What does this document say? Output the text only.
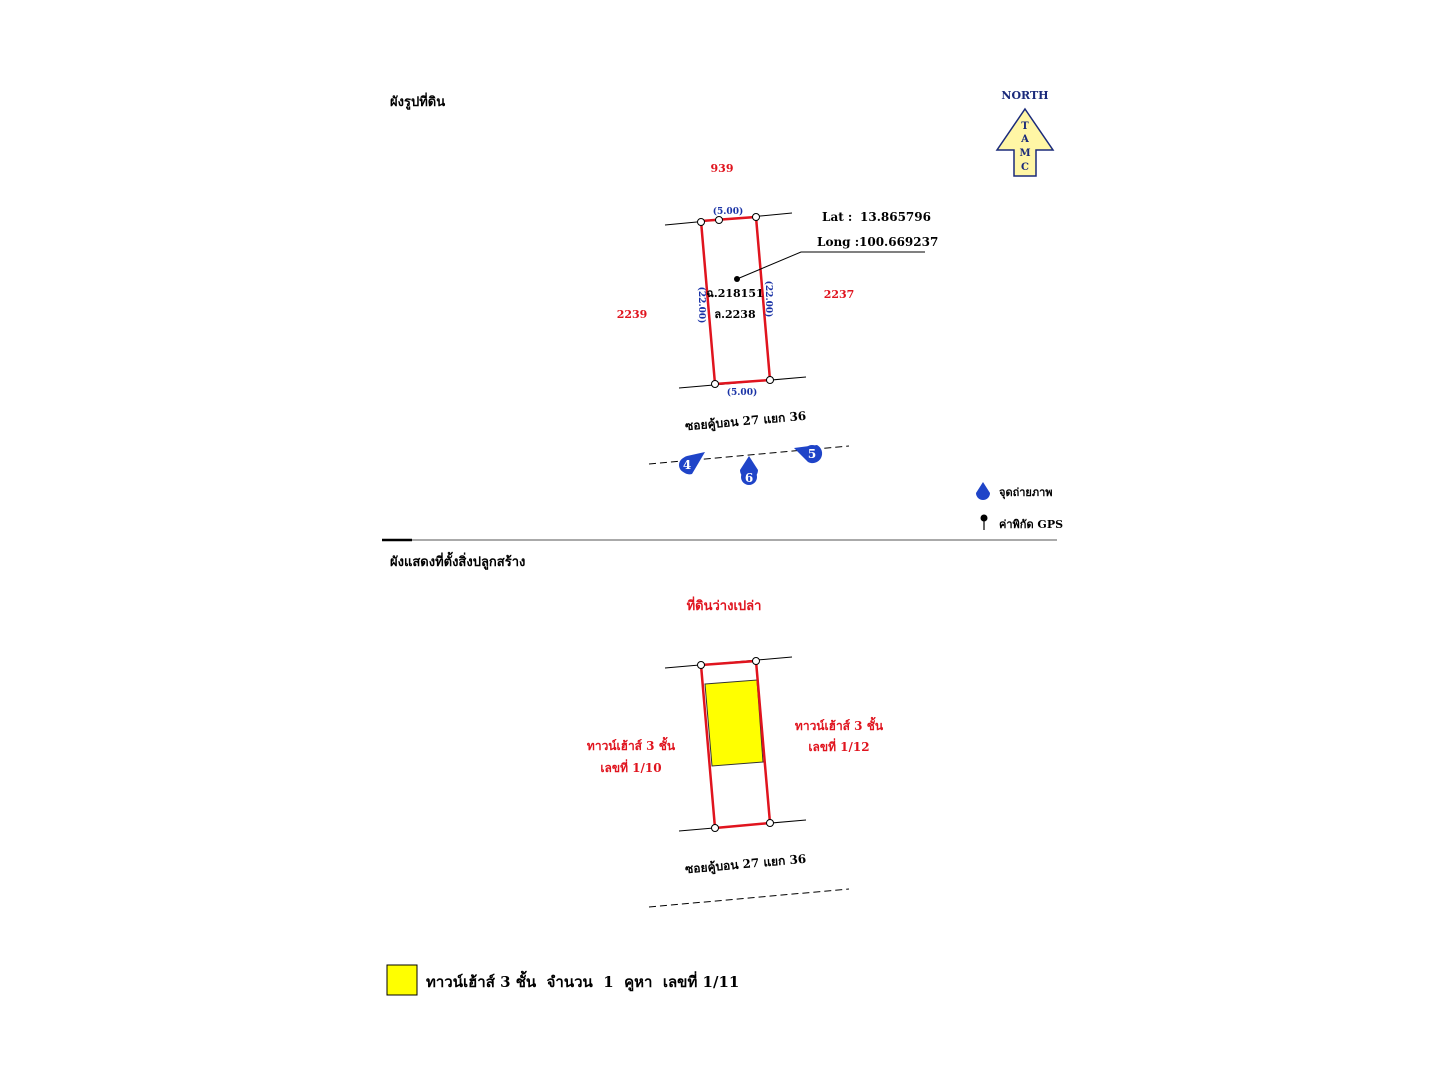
ผังรูปที่ดิน	NORTH
T
A
M
C
939
2239
2237
(5.00)
(5.00)
(22.00)	(22.00)
Lat : 13.865796
Long : 100.669237
ฉ.218151
ล.2238
ซอยคู้บอน 27 แยก 36
4
6
5
จุดถ่ายภาพ
ค่าพิกัด GPS
ผังแสดงที่ตั้งสิ่งปลูกสร้าง
ที่ดินว่างเปล่า
ทาวน์เฮ้าส์ 3 ชั้น
เลขที่ 1/10
ทาวน์เฮ้าส์ 3 ชั้น
เลขที่ 1/12
ซอยคู้บอน 27 แยก 36
ทาวน์เฮ้าส์ 3 ชั้น  จำนวน  1  คูหา  เลขที่ 1/11
